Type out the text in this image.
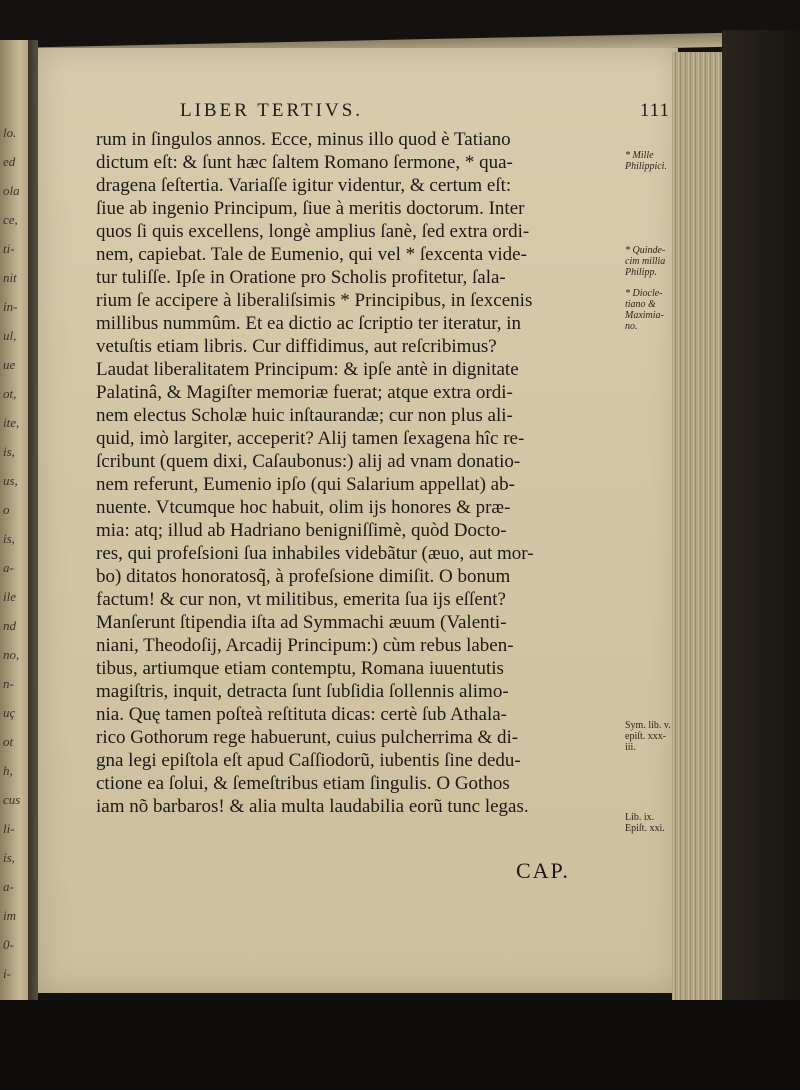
lo.
ed
ola
ce,
ti-
nit
in-
ul,
ue
ot,
ite,
is,
us,
o
is,
a-
ile
nd
no,
n-
uç
ot
h,
cus
li-
is,
a-
im
0-
i-
LIBER TERTIVS.	111
rum in ſingulos annos. Ecce, minus illo quod è Tatiano
dictum eſt: & ſunt hæc ſaltem Romano ſermone, * qua-
dragena ſeſtertia. Variaſſe igitur videntur, & certum eſt:
ſiue ab ingenio Principum, ſiue à meritis doctorum. Inter
quos ſi quis excellens, longè amplius ſanè, ſed extra ordi-
nem, capiebat. Tale de Eumenio, qui vel * ſexcenta vide-
tur tuliſſe. Ipſe in Oratione pro Scholis profitetur, ſala-
rium ſe accipere à liberaliſsimis * Principibus, in ſexcenis
millibus nummûm. Et ea dictio ac ſcriptio ter iteratur, in
vetuſtis etiam libris. Cur diffidimus, aut reſcribimus?
Laudat liberalitatem Principum: & ipſe antè in dignitate
Palatinâ, & Magiſter memoriæ fuerat; atque extra ordi-
nem electus Scholæ huic inſtaurandæ; cur non plus ali-
quid, imò largiter, acceperit? Alij tamen ſexagena hîc re-
ſcribunt (quem dixi, Caſaubonus:) alij ad vnam donatio-
nem referunt, Eumenio ipſo (qui Salarium appellat) ab-
nuente. Vtcumque hoc habuit, olim ijs honores & præ-
mia: atq; illud ab Hadriano benigniſſimè, quòd Docto-
res, qui profeſsioni ſua inhabiles videbãtur (æuo, aut mor-
bo) ditatos honoratosq̃, à profeſsione dimiſit. O bonum
factum! & cur non, vt militibus, emerita ſua ijs eſſent?
Manſerunt ſtipendia iſta ad Symmachi æuum (Valenti-
niani, Theodoſij, Arcadij Principum:) cùm rebus laben-
tibus, artiumque etiam contemptu, Romana iuuentutis
magiſtris, inquit, detracta ſunt ſubſidia ſollennis alimo-
nia. Quę tamen poſteà reſtituta dicas: certè ſub Athala-
rico Gothorum rege habuerunt, cuius pulcherrima & di-
gna legi epiſtola eſt apud Caſſiodorũ, iubentis ſine dedu-
ctione ea ſolui, & ſemeſtribus etiam ſingulis. O Gothos
iam nõ barbaros! & alia multa laudabilia eorũ tunc legas.
CAP.
* Mille
Philippici.
* Quinde-
cim millia
Philipp.
* Diocle-
tiano &
Maximia-
no.
Sym. lib. v.
epiſt. xxx-
iii.
Lib. ix.
Epiſt. xxi.
